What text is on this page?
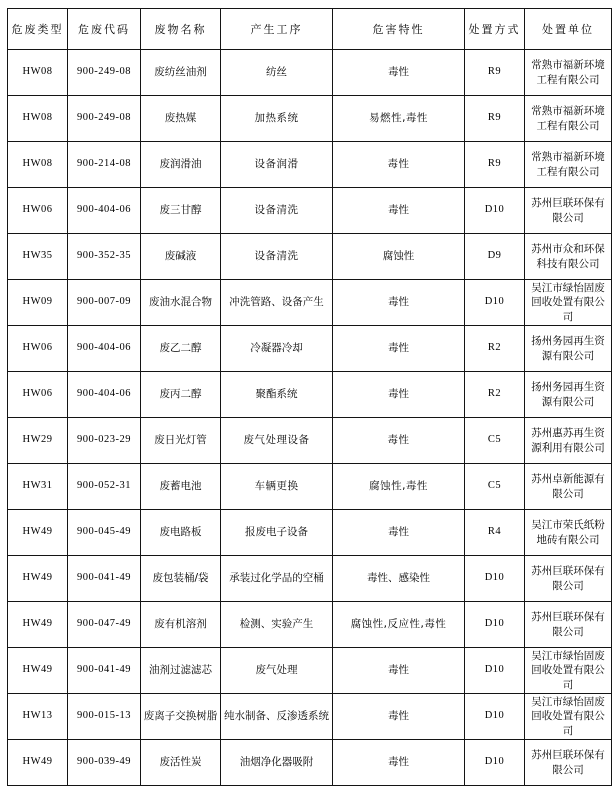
危废类型	危废代码	废物名称	产生工序	危害特性	处置方式	处置单位
HW08	900-249-08	废纺丝油剂	纺丝	毒性	R9	常熟市福新环境工程有限公司
HW08	900-249-08	废热媒	加热系统	易燃性,毒性	R9	常熟市福新环境工程有限公司
HW08	900-214-08	废润滑油	设备润滑	毒性	R9	常熟市福新环境工程有限公司
HW06	900-404-06	废三甘醇	设备清洗	毒性	D10	苏州巨联环保有限公司
HW35	900-352-35	废碱液	设备清洗	腐蚀性	D9	苏州市众和环保科技有限公司
HW09	900-007-09	废油水混合物	冲洗管路、设备产生	毒性	D10	吴江市绿怡固废回收处置有限公司
HW06	900-404-06	废乙二醇	冷凝器冷却	毒性	R2	扬州务园再生资源有限公司
HW06	900-404-06	废丙二醇	聚酯系统	毒性	R2	扬州务园再生资源有限公司
HW29	900-023-29	废日光灯管	废气处理设备	毒性	C5	苏州惠苏再生资源利用有限公司
HW31	900-052-31	废蓄电池	车辆更换	腐蚀性,毒性	C5	苏州卓新能源有限公司
HW49	900-045-49	废电路板	报废电子设备	毒性	R4	吴江市荣氏纸粉地砖有限公司
HW49	900-041-49	废包装桶/袋	承装过化学品的空桶	毒性、感染性	D10	苏州巨联环保有限公司
HW49	900-047-49	废有机溶剂	检测、实验产生	腐蚀性,反应性,毒性	D10	苏州巨联环保有限公司
HW49	900-041-49	油剂过滤滤芯	废气处理	毒性	D10	吴江市绿怡固废回收处置有限公司
HW13	900-015-13	废离子交换树脂	纯水制备、反渗透系统	毒性	D10	吴江市绿怡固废回收处置有限公司
HW49	900-039-49	废活性炭	油烟净化器吸附	毒性	D10	苏州巨联环保有限公司
